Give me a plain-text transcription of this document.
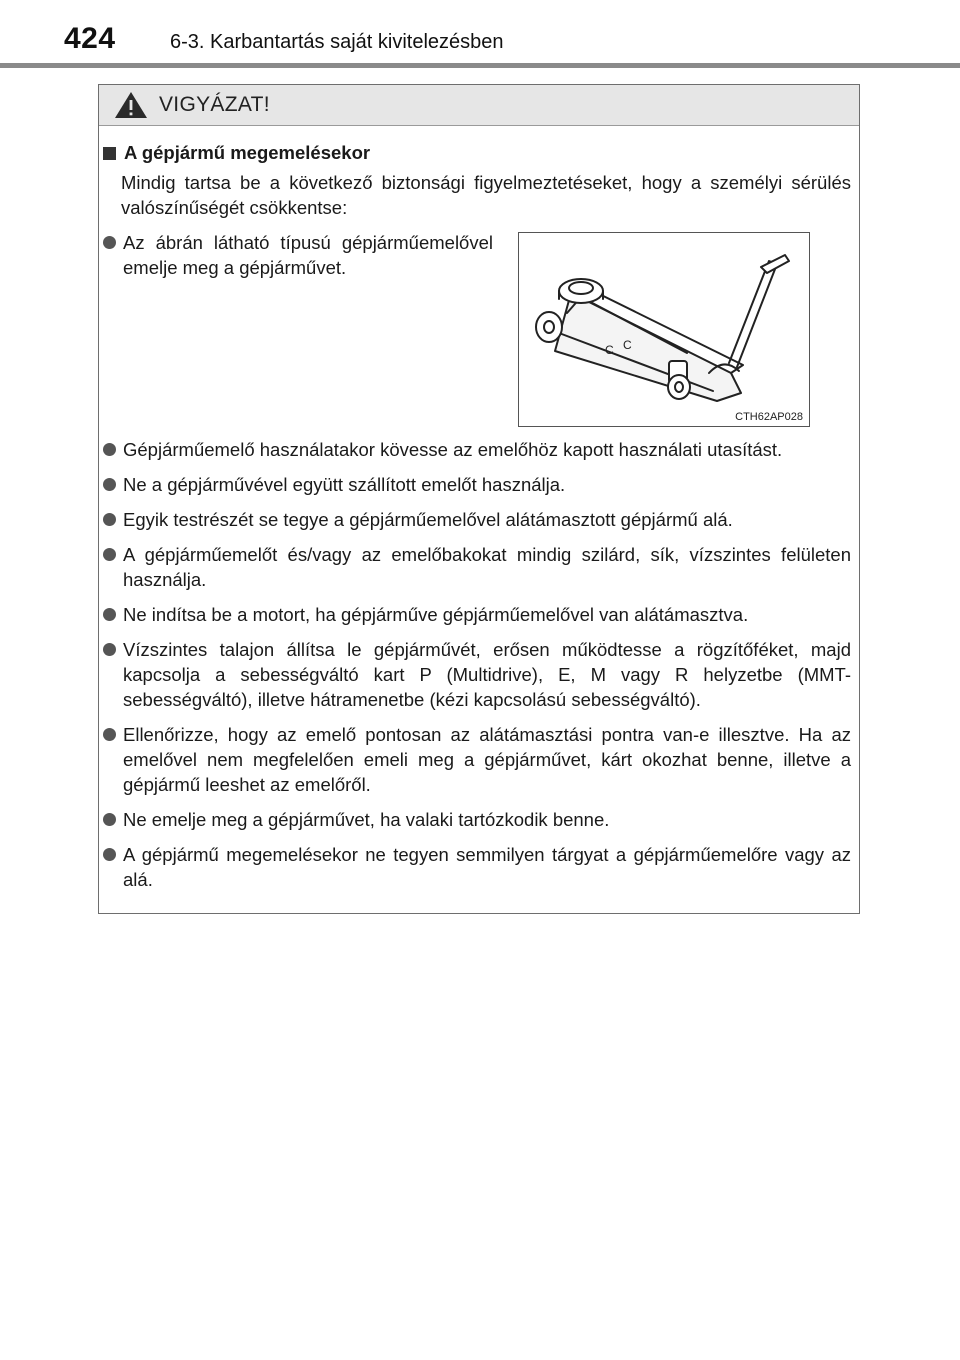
424	6-3. Karbantartás saját kivitelezésben
VIGYÁZAT!
A gépjármű megemelésekor
Mindig tartsa be a következő biztonsági figyelmeztetéseket, hogy a személyi sérülés valószínűségét csökkentse:
Az ábrán látható típusú gépjárműemelővel emelje meg a gépjárművet.
C C
CTH62AP028
Gépjárműemelő használatakor kövesse az emelőhöz kapott használati utasítást.
Ne a gépjárművével együtt szállított emelőt használja.
Egyik testrészét se tegye a gépjárműemelővel alátámasztott gépjármű alá.
A gépjárműemelőt és/vagy az emelőbakokat mindig szilárd, sík, vízszintes felületen használja.
Ne indítsa be a motort, ha gépjárműve gépjárműemelővel van alátámasztva.
Vízszintes talajon állítsa le gépjárművét, erősen működtesse a rögzítőféket, majd kapcsolja a sebességváltó kart P (Multidrive), E, M vagy R helyzetbe (MMT-sebességváltó), illetve hátramenetbe (kézi kapcsolású sebességváltó).
Ellenőrizze, hogy az emelő pontosan az alátámasztási pontra van-e illesztve. Ha az emelővel nem megfelelően emeli meg a gépjárművet, kárt okozhat benne, illetve a gépjármű leeshet az emelőről.
Ne emelje meg a gépjárművet, ha valaki tartózkodik benne.
A gépjármű megemelésekor ne tegyen semmilyen tárgyat a gépjárműemelőre vagy az alá.
